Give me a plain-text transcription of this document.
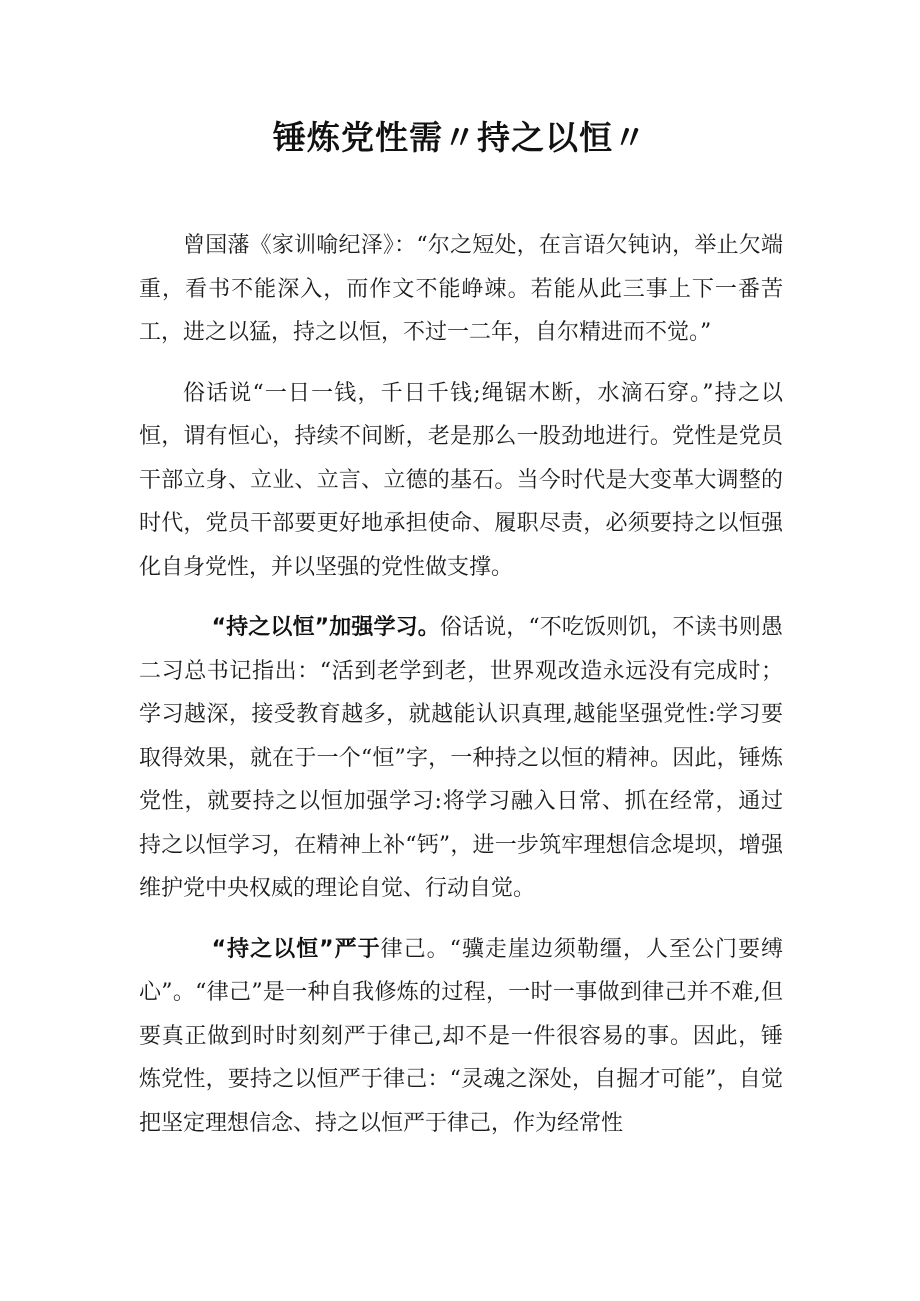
锤炼党性需〃持之以恒〃

曾国藩《家训喻纪泽》：“尔之短处，在言语欠钝讷，举止欠端重，看书不能深入，而作文不能峥竦。若能从此三事上下一番苦工，进之以猛，持之以恒，不过一二年，自尔精进而不觉。”

俗话说“一日一钱，千日千钱;绳锯木断，水滴石穿。”持之以恒，谓有恒心，持续不间断，老是那么一股劲地进行。党性是党员干部立身、立业、立言、立德的基石。当今时代是大变革大调整的时代，党员干部要更好地承担使命、履职尽责，必须要持之以恒强化自身党性，并以坚强的党性做支撑。

“持之以恒”加强学习。俗话说，“不吃饭则饥，不读书则愚二习总书记指出：“活到老学到老，世界观改造永远没有完成时；学习越深，接受教育越多，就越能认识真理,越能坚强党性:学习要取得效果，就在于一个“恒”字，一种持之以恒的精神。因此，锤炼党性，就要持之以恒加强学习:将学习融入日常、抓在经常，通过持之以恒学习，在精神上补“钙”，进一步筑牢理想信念堤坝，增强维护党中央权威的理论自觉、行动自觉。

“持之以恒”严于律己。“骥走崖边须勒缰，人至公门要缚心”。“律己”是一种自我修炼的过程，一时一事做到律己并不难,但要真正做到时时刻刻严于律己,却不是一件很容易的事。因此，锤炼党性，要持之以恒严于律己：“灵魂之深处，自掘才可能”，自觉把坚定理想信念、持之以恒严于律己，作为经常性
